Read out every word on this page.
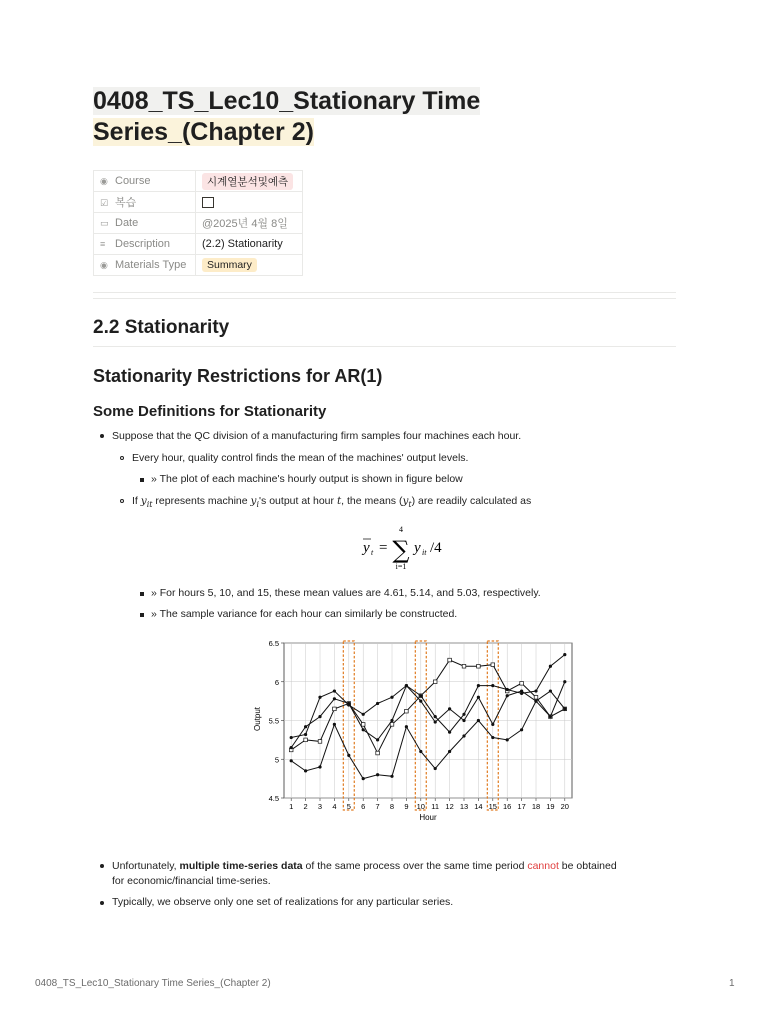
0408_TS_Lec10_Stationary Time
Series_(Chapter 2)
◉ Course	시계열분석및예측
☑ 복습	
▭ Date	@2025년 4월 8일
≡ Description	(2.2) Stationarity
◉ Materials Type	Summary
2.2 Stationarity
Stationarity Restrictions for AR(1)
Some Definitions for Stationarity
Suppose that the QC division of a manufacturing firm samples four machines each hour.
Every hour, quality control finds the mean of the machines' output levels.
» The plot of each machine's hourly output is shown in figure below
If $y_{it}$ represents machine $y_i's$ output at hour t, the means $(y_t)$ are readily calculated as
y t =
4
∑
i=1
y it /4
» For hours 5, 10, and 15, these mean values are 4.61, 5.14, and 5.03, respectively.
» The sample variance for each hour can similarly be constructed.
1 2 3 4 5 6 7 8 9 10 11 12 13 14 15 16 17 18 19 20
4.5
5
5.5
6
6.5
Output
Hour
Unfortunately, multiple time-series data of the same process over the same time period cannot be obtained
for economic/financial time-series.
Typically, we observe only one set of realizations for any particular series.
0408_TS_Lec10_Stationary Time Series_(Chapter 2)	1
